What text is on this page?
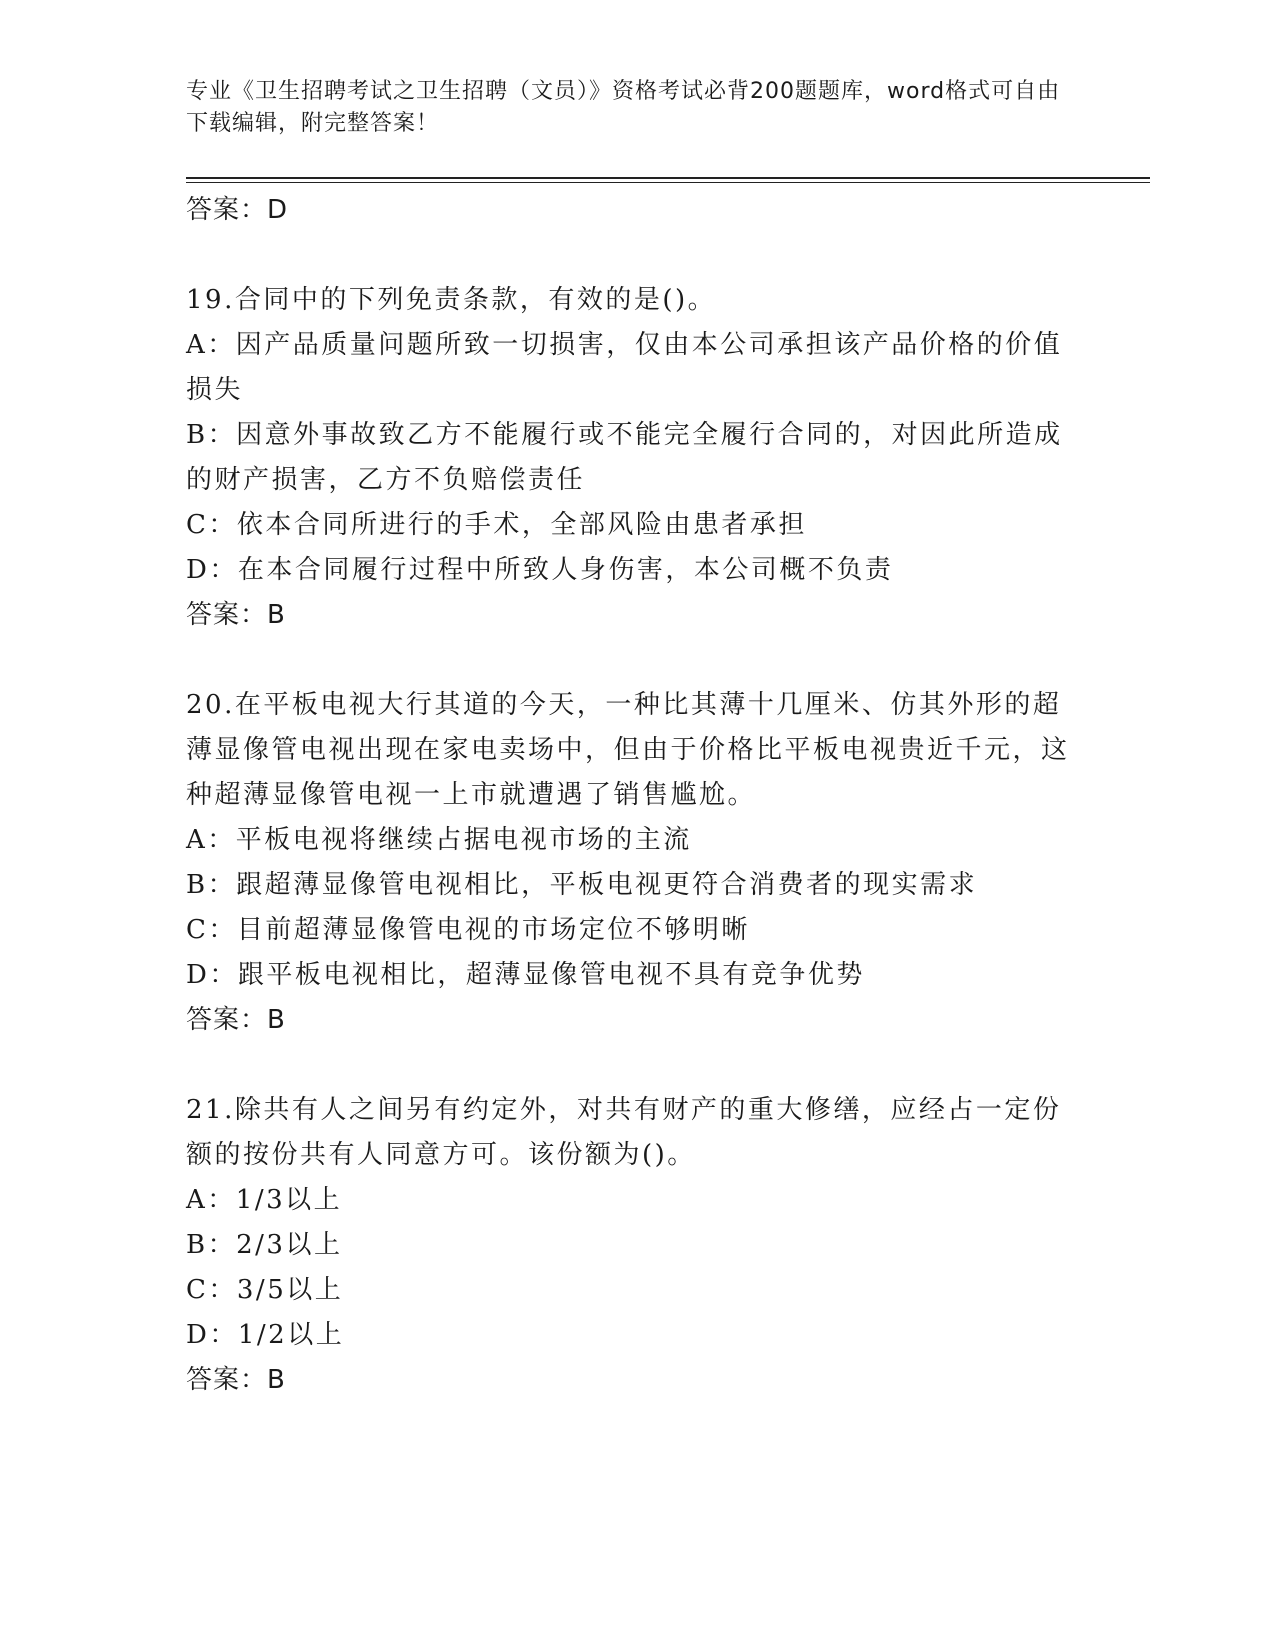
专业《卫生招聘考试之卫生招聘（文员）》资格考试必背200题题库，word格式可自由下载编辑，附完整答案！
答案：D
19.合同中的下列免责条款，有效的是()。
A：因产品质量问题所致一切损害，仅由本公司承担该产品价格的价值损失
B：因意外事故致乙方不能履行或不能完全履行合同的，对因此所造成的财产损害，乙方不负赔偿责任
C：依本合同所进行的手术，全部风险由患者承担
D：在本合同履行过程中所致人身伤害，本公司概不负责
答案：B
20.在平板电视大行其道的今天，一种比其薄十几厘米、仿其外形的超薄显像管电视出现在家电卖场中，但由于价格比平板电视贵近千元，这种超薄显像管电视一上市就遭遇了销售尴尬。
A：平板电视将继续占据电视市场的主流
B：跟超薄显像管电视相比，平板电视更符合消费者的现实需求
C：目前超薄显像管电视的市场定位不够明晰
D：跟平板电视相比，超薄显像管电视不具有竞争优势
答案：B
21.除共有人之间另有约定外，对共有财产的重大修缮，应经占一定份额的按份共有人同意方可。该份额为()。
A：1/3以上
B：2/3以上
C：3/5以上
D：1/2以上
答案：B
